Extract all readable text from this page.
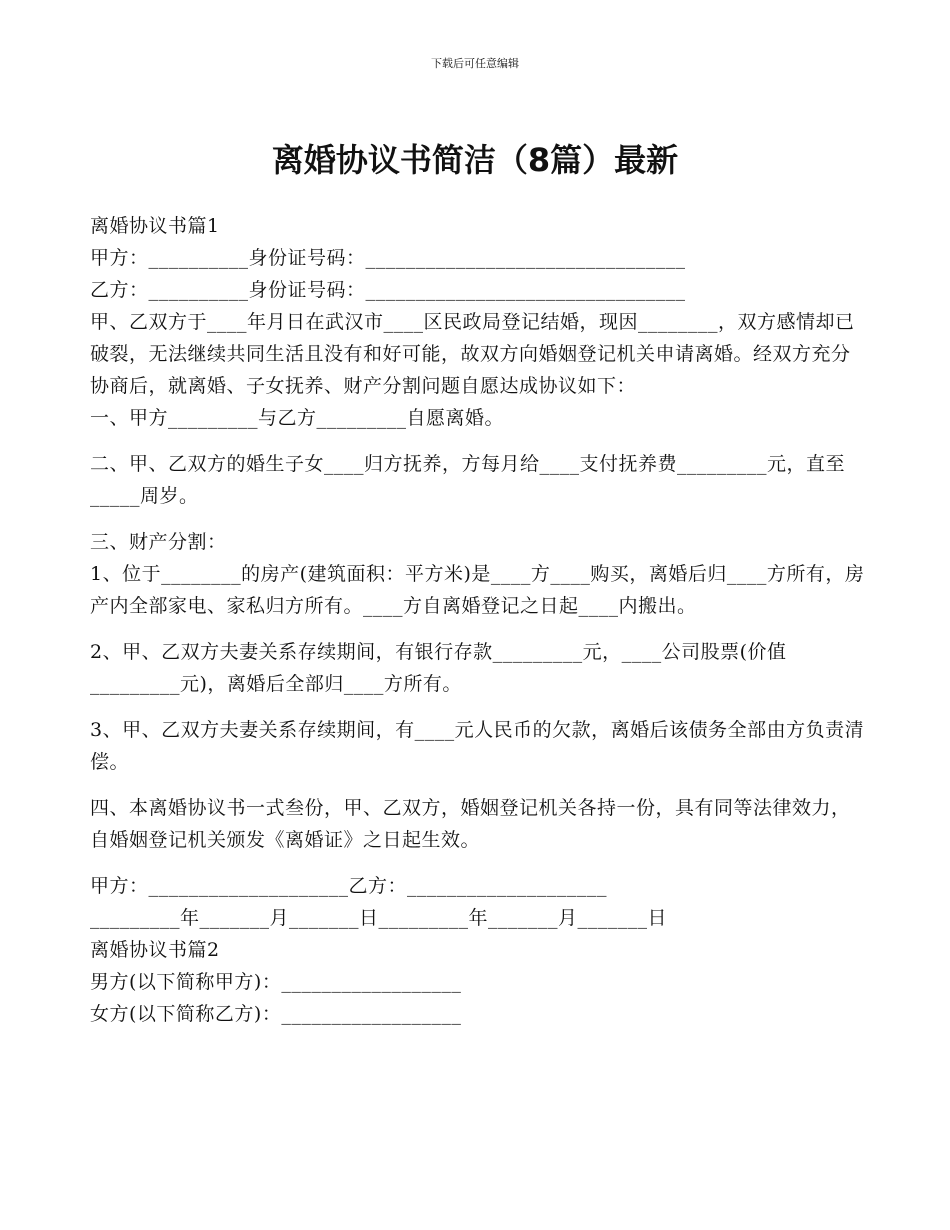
下载后可任意编辑
离婚协议书简洁（8篇）最新

离婚协议书篇1

甲方：__________身份证号码：________________________________

乙方：__________身份证号码：________________________________

甲、乙双方于____年月日在武汉市____区民政局登记结婚，现因________，双方感情却已破裂，无法继续共同生活且没有和好可能，故双方向婚姻登记机关申请离婚。经双方充分协商后，就离婚、子女抚养、财产分割问题自愿达成协议如下：

一、甲方_________与乙方_________自愿离婚。

二、甲、乙双方的婚生子女____归方抚养，方每月给____支付抚养费_________元，直至_____周岁。

三、财产分割：

1、位于________的房产(建筑面积：平方米)是____方____购买，离婚后归____方所有，房产内全部家电、家私归方所有。____方自离婚登记之日起____内搬出。

2、甲、乙双方夫妻关系存续期间，有银行存款_________元，____公司股票(价值_________元)，离婚后全部归____方所有。

3、甲、乙双方夫妻关系存续期间，有____元人民币的欠款，离婚后该债务全部由方负责清偿。

四、本离婚协议书一式叁份，甲、乙双方，婚姻登记机关各持一份，具有同等法律效力，自婚姻登记机关颁发《离婚证》之日起生效。

甲方：____________________乙方：____________________

_________年_______月_______日_________年_______月_______日

离婚协议书篇2

男方(以下简称甲方)：__________________

女方(以下简称乙方)：__________________
